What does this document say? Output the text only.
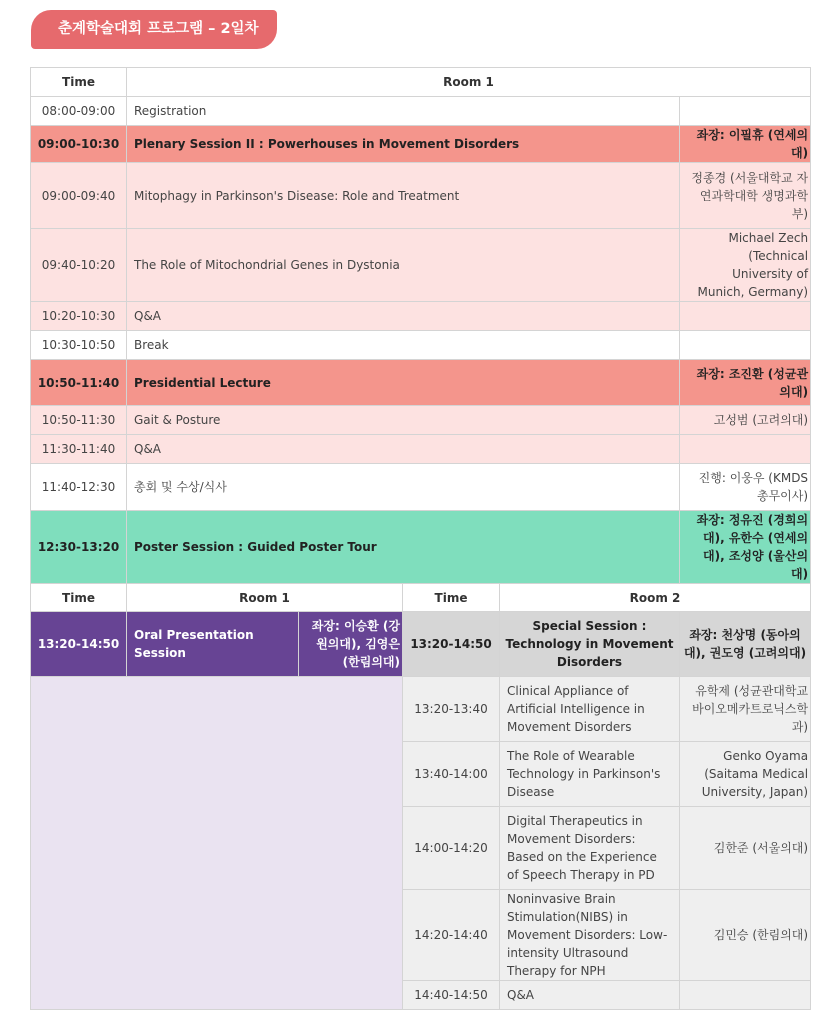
춘계학술대회 프로그램 – 2일차
Time	Room 1				
08:00-09:00	Registration				
09:00-10:30	Plenary Session II : Powerhouses in Movement Disorders				좌장: 이필휴 (연세의대)
09:00-09:40	Mitophagy in Parkinson's Disease: Role and Treatment				정종경 (서울대학교 자연과학대학 생명과학부)
09:40-10:20	The Role of Mitochondrial Genes in Dystonia				Michael Zech (Technical University of Munich, Germany)
10:20-10:30	Q&A				
10:30-10:50	Break				
10:50-11:40	Presidential Lecture				좌장: 조진환 (성균관의대)
10:50-11:30	Gait & Posture				고성범 (고려의대)
11:30-11:40	Q&A				
11:40-12:30	총회 및 수상/식사				진행: 이웅우 (KMDS 총무이사)
12:30-13:20	Poster Session : Guided Poster Tour				좌장: 정유진 (경희의대), 유한수 (연세의대), 조성양 (울산의대)
Time	Room 1		Time	Room 2	
13:20-14:50	Oral Presentation Session	좌장: 이승환 (강원의대), 김영은 (한림의대)	13:20-14:50	Special Session : Technology in Movement Disorders	좌장: 천상명 (동아의대), 권도영 (고려의대)
			13:20-13:40	Clinical Appliance of Artificial Intelligence in Movement Disorders	유학제 (성균관대학교 바이오메카트로닉스학과)
			13:40-14:00	The Role of Wearable Technology in Parkinson's Disease	Genko Oyama (Saitama Medical University, Japan)
			14:00-14:20	Digital Therapeutics in Movement Disorders: Based on the Experience of Speech Therapy in PD	김한준 (서울의대)
			14:20-14:40	Noninvasive Brain Stimulation(NIBS) in Movement Disorders: Low-intensity Ultrasound Therapy for NPH	김민승 (한림의대)
			14:40-14:50	Q&A	
